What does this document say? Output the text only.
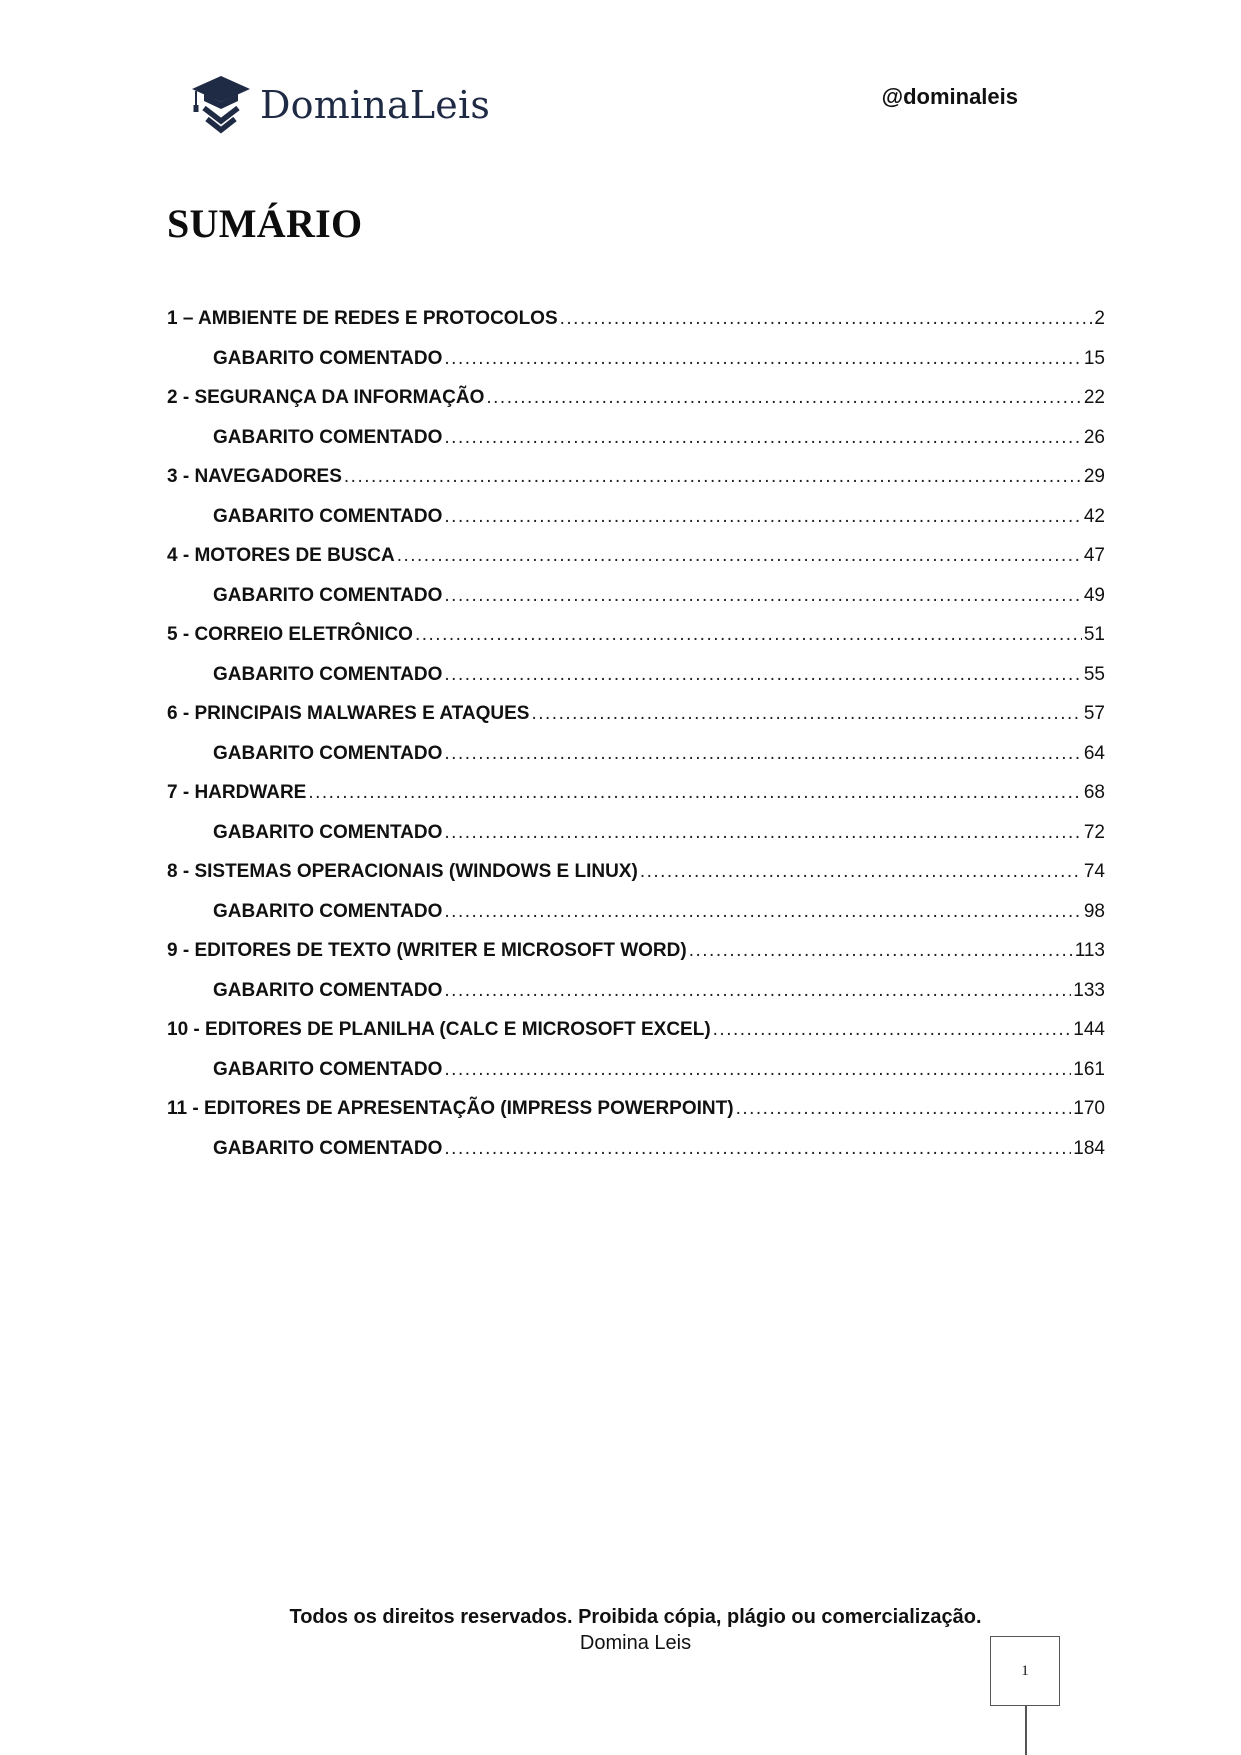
DominaLeis	@dominaleis
SUMÁRIO
1 – AMBIENTE DE REDES E PROTOCOLOS .....	2
GABARITO COMENTADO .....	15
2 - SEGURANÇA DA INFORMAÇÃO .....	22
GABARITO COMENTADO .....	26
3 - NAVEGADORES .....	29
GABARITO COMENTADO .....	42
4 - MOTORES DE BUSCA .....	47
GABARITO COMENTADO .....	49
5 - CORREIO ELETRÔNICO .....	51
GABARITO COMENTADO .....	55
6 - PRINCIPAIS MALWARES E ATAQUES .....	57
GABARITO COMENTADO .....	64
7 - HARDWARE .....	68
GABARITO COMENTADO .....	72
8 - SISTEMAS OPERACIONAIS (WINDOWS E LINUX) .....	74
GABARITO COMENTADO .....	98
9 - EDITORES DE TEXTO (WRITER E MICROSOFT WORD) .....	113
GABARITO COMENTADO .....	133
10 - EDITORES DE PLANILHA (CALC E MICROSOFT EXCEL) .....	144
GABARITO COMENTADO .....	161
11 - EDITORES DE APRESENTAÇÃO (IMPRESS POWERPOINT) .....	170
GABARITO COMENTADO .....	184
Todos os direitos reservados. Proibida cópia, plágio ou comercialização.
Domina Leis
1
